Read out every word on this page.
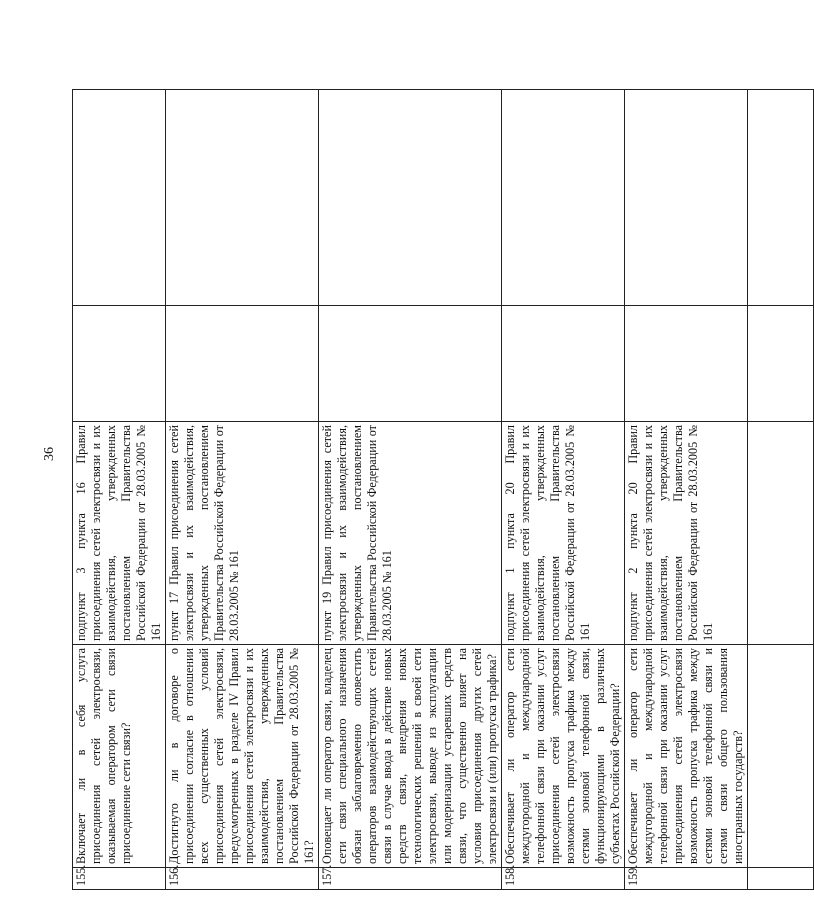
36
155.	Включает ли в себя услуга присоединения сетей электросвязи, оказываемая оператором сети связи присоединение сети связи?	подпункт 3 пункта 16 Правил присоединения сетей электросвязи и их взаимодействия, утвержденных постановлением Правительства Российской Федерации от 28.03.2005 № 161		
156.	Достигнуто ли в договоре о присоединении согласие в отношении всех существенных условий присоединения сетей электросвязи, предусмотренных в разделе IV Правил присоединения сетей электросвязи и их взаимодействия, утвержденных постановлением Правительства Российской Федерации от 28.03.2005 № 161?	пункт 17 Правил присоединения сетей электросвязи и их взаимодействия, утвержденных постановлением Правительства Российской Федерации от 28.03.2005 № 161		
157.	Оповещает ли оператор связи, владелец сети связи специального назначения обязан заблаговременно оповестить операторов взаимодействующих сетей связи в случае ввода в действие новых средств связи, внедрения новых технологических решений в своей сети электросвязи, выводе из эксплуатации или модернизации устаревших средств связи, что существенно влияет на условия присоединения других сетей электросвязи и (или) пропуска трафика?	пункт 19 Правил присоединения сетей электросвязи и их взаимодействия, утвержденных постановлением Правительства Российской Федерации от 28.03.2005 № 161		
158.	Обеспечивает ли оператор сети междугородной и международной телефонной связи при оказании услуг присоединения сетей электросвязи возможность пропуска трафика между сетями зоновой телефонной связи, функционирующими в различных субъектах Российской Федерации?	подпункт 1 пункта 20 Правил присоединения сетей электросвязи и их взаимодействия, утвержденных постановлением Правительства Российской Федерации от 28.03.2005 № 161		
159.	Обеспечивает ли оператор сети междугородной и международной телефонной связи при оказании услуг присоединения сетей электросвязи возможность пропуска трафика между сетями зоновой телефонной связи и сетями связи общего пользования иностранных государств?	подпункт 2 пункта 20 Правил присоединения сетей электросвязи и их взаимодействия, утвержденных постановлением Правительства Российской Федерации от 28.03.2005 № 161		
